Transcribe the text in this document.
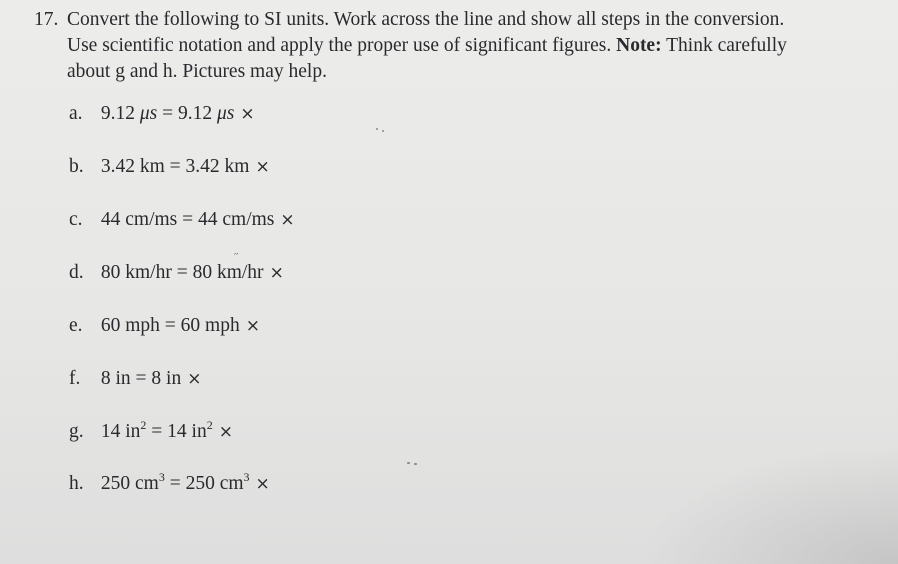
17. Convert the following to SI units. Work across the line and show all steps in the conversion.
Use scientific notation and apply the proper use of significant figures. Note: Think carefully
about g and h. Pictures may help.
a. 9.12 μs = 9.12 μs ×
b. 3.42 km = 3.42 km ×
c. 44 cm/ms = 44 cm/ms ×
′′
d. 80 km/hr = 80 km/hr ×
e. 60 mph = 60 mph ×
f. 8 in = 8 in ×
g. 14 $in^2 = 14$ $in^2$ ×
h. 250 $cm^3 = 250$ $cm^3$ ×
